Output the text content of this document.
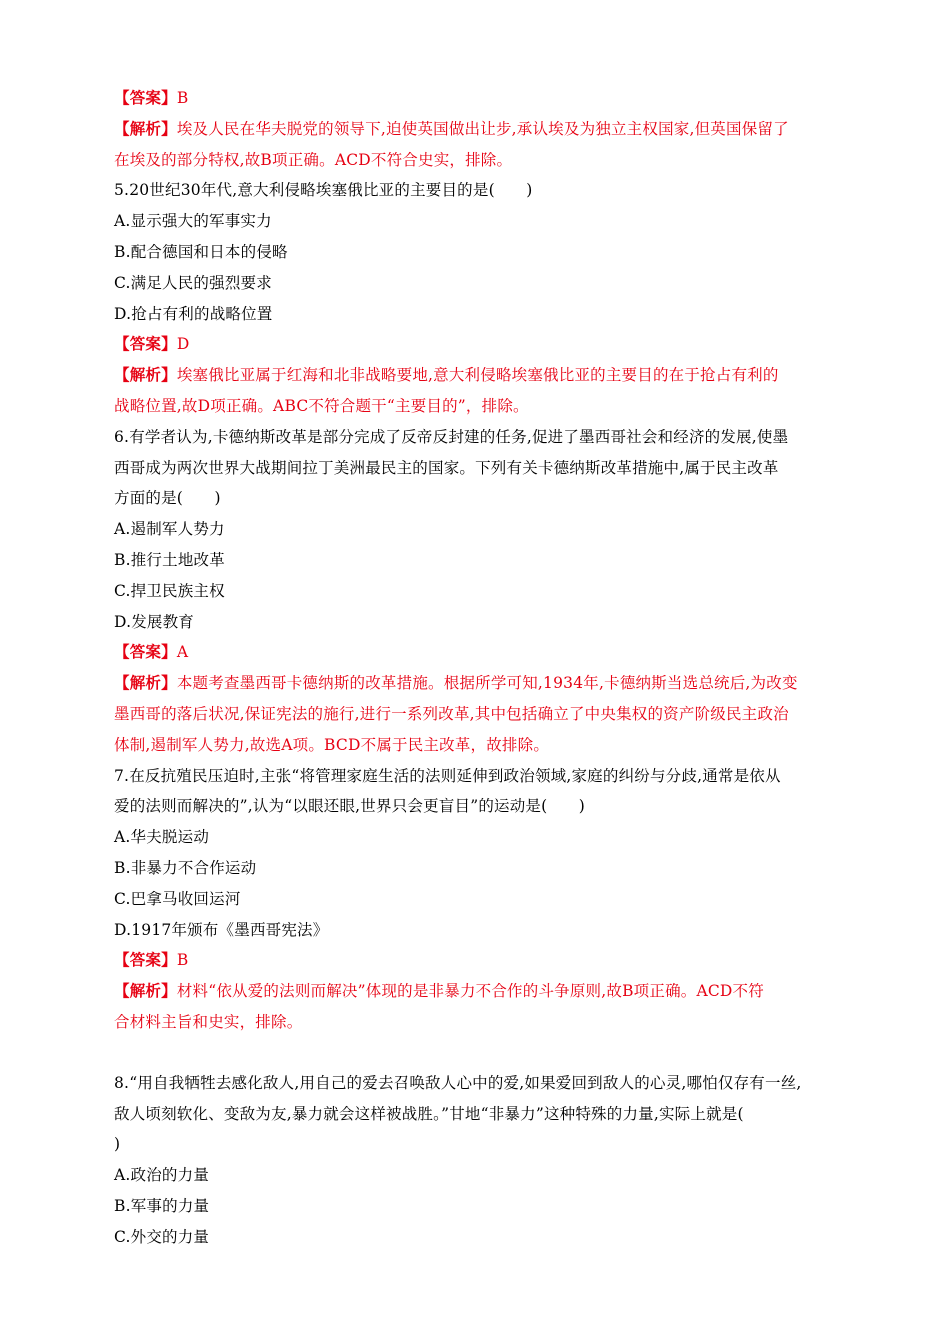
【答案】B
【解析】埃及人民在华夫脱党的领导下,迫使英国做出让步,承认埃及为独立主权国家,但英国保留了
在埃及的部分特权,故B项正确。ACD不符合史实，排除。
5.20世纪30年代,意大利侵略埃塞俄比亚的主要目的是(　　)
A.显示强大的军事实力
B.配合德国和日本的侵略
C.满足人民的强烈要求
D.抢占有利的战略位置
【答案】D
【解析】埃塞俄比亚属于红海和北非战略要地,意大利侵略埃塞俄比亚的主要目的在于抢占有利的
战略位置,故D项正确。ABC不符合题干“主要目的”，排除。
6.有学者认为,卡德纳斯改革是部分完成了反帝反封建的任务,促进了墨西哥社会和经济的发展,使墨
西哥成为两次世界大战期间拉丁美洲最民主的国家。下列有关卡德纳斯改革措施中,属于民主改革
方面的是(　　)
A.遏制军人势力
B.推行土地改革
C.捍卫民族主权
D.发展教育
【答案】A
【解析】本题考查墨西哥卡德纳斯的改革措施。根据所学可知,1934年,卡德纳斯当选总统后,为改变
墨西哥的落后状况,保证宪法的施行,进行一系列改革,其中包括确立了中央集权的资产阶级民主政治
体制,遏制军人势力,故选A项。BCD不属于民主改革，故排除。
7.在反抗殖民压迫时,主张“将管理家庭生活的法则延伸到政治领域,家庭的纠纷与分歧,通常是依从
爱的法则而解决的”,认为“以眼还眼,世界只会更盲目”的运动是(　　)
A.华夫脱运动
B.非暴力不合作运动
C.巴拿马收回运河
D.1917年颁布《墨西哥宪法》
【答案】B
【解析】材料“依从爱的法则而解决”体现的是非暴力不合作的斗争原则,故B项正确。ACD不符
合材料主旨和史实，排除。
8.“用自我牺牲去感化敌人,用自己的爱去召唤敌人心中的爱,如果爱回到敌人的心灵,哪怕仅存有一丝,
敌人顷刻软化、变敌为友,暴力就会这样被战胜。”甘地“非暴力”这种特殊的力量,实际上就是(
)
A.政治的力量
B.军事的力量
C.外交的力量
